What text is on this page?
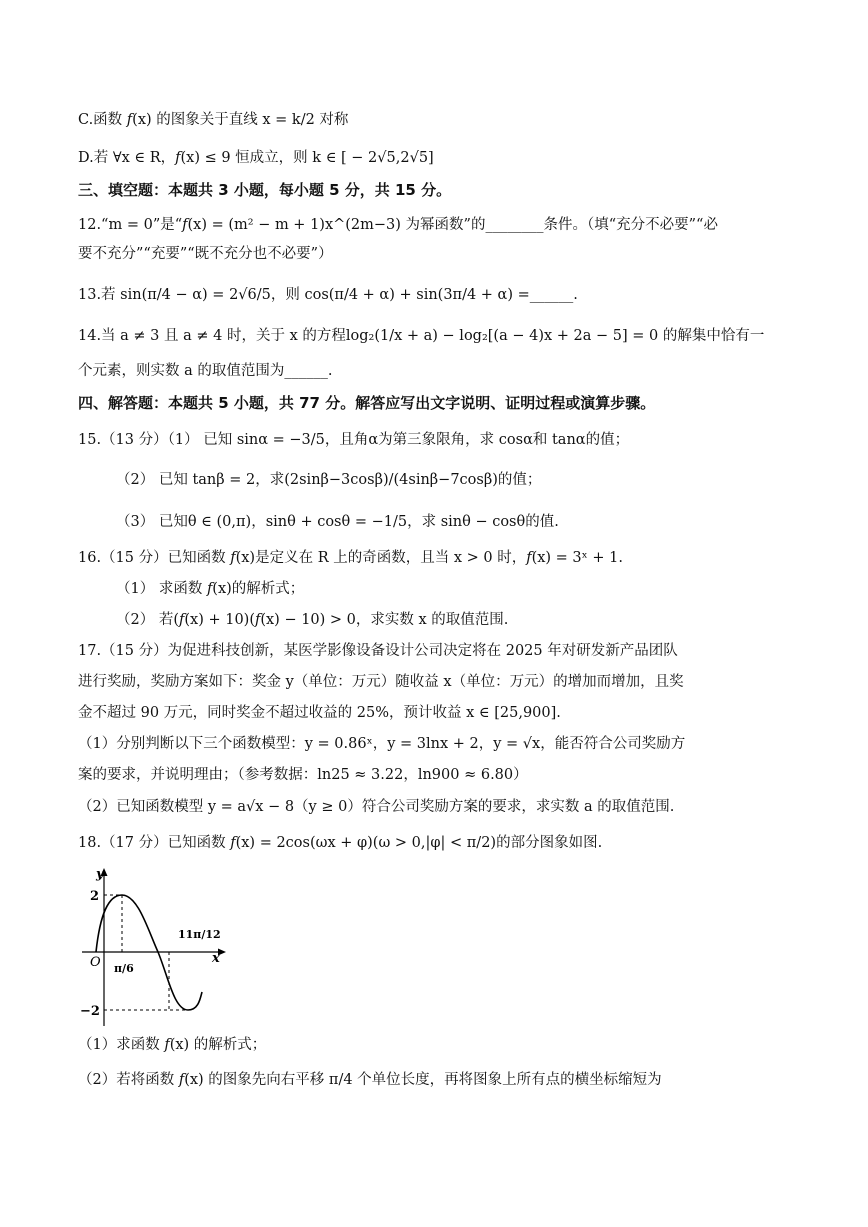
C.函数 𝑓(x) 的图象关于直线 x = k/2 对称
D.若 ∀x ∈ R，𝑓(x) ≤ 9 恒成立，则 k ∈ [ − 2√5,2√5]
三、填空题：本题共 3 小题，每小题 5 分，共 15 分。
12.“m = 0”是“𝑓(x) = (m² − m + 1)x^(2m−3) 为幂函数”的________条件。（填“充分不必要”“必
要不充分”“充要”“既不充分也不必要”）
13.若 sin(π/4 − α) = 2√6/5，则 cos(π/4 + α) + sin(3π/4 + α) =______.
14.当 a ≠ 3 且 a ≠ 4 时，关于 x 的方程log₂(1/x + a) − log₂[(a − 4)x + 2a − 5] = 0 的解集中恰有一
个元素，则实数 a 的取值范围为______.
四、解答题：本题共 5 小题，共 77 分。解答应写出文字说明、证明过程或演算步骤。
15.（13 分）（1） 已知 sinα = −3/5，且角α为第三象限角，求 cosα和 tanα的值；
（2） 已知 tanβ = 2，求(2sinβ−3cosβ)/(4sinβ−7cosβ)的值；
（3） 已知θ ∈ (0,π)，sinθ + cosθ = −1/5，求 sinθ − cosθ的值.
16.（15 分）已知函数 𝑓(x)是定义在 R 上的奇函数，且当 x > 0 时，𝑓(x) = 3ˣ + 1.
（1） 求函数 𝑓(x)的解析式；
（2） 若(𝑓(x) + 10)(𝑓(x) − 10) > 0，求实数 x 的取值范围.
17.（15 分）为促进科技创新，某医学影像设备设计公司决定将在 2025 年对研发新产品团队
进行奖励，奖励方案如下：奖金 y（单位：万元）随收益 x（单位：万元）的增加而增加，且奖
金不超过 90 万元，同时奖金不超过收益的 25%，预计收益 x ∈ [25,900].
（1）分别判断以下三个函数模型：y = 0.86ˣ，y = 3lnx + 2，y = √x，能否符合公司奖励方
案的要求，并说明理由；（参考数据：ln25 ≈ 3.22，ln900 ≈ 6.80）
（2）已知函数模型 y = a√x − 8（y ≥ 0）符合公司奖励方案的要求，求实数 a 的取值范围.
18.（17 分）已知函数 𝑓(x) = 2cos(ωx + φ)(ω > 0,|φ| < π/2)的部分图象如图.
y
x
O
2
−2
π/6
11π/12
（1）求函数 𝑓(x) 的解析式；
（2）若将函数 𝑓(x) 的图象先向右平移 π/4 个单位长度，再将图象上所有点的横坐标缩短为
